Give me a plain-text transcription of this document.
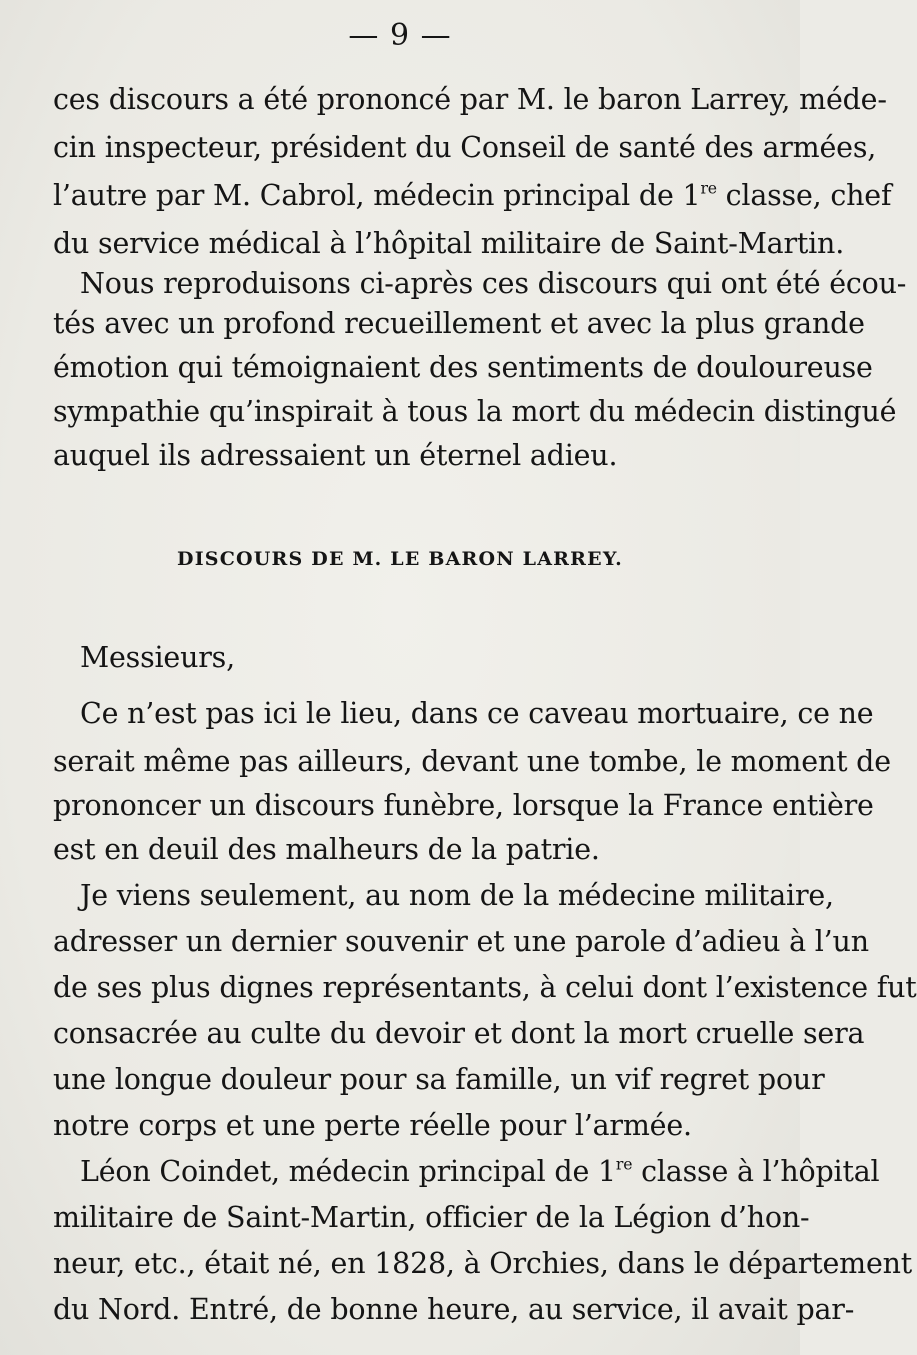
— 9 —
ces discours a été prononcé par M. le baron Larrey, méde-
cin inspecteur, président du Conseil de santé des armées,
l’autre par M. Cabrol, médecin principal de 1re classe, chef
du service médical à l’hôpital militaire de Saint-Martin.
Nous reproduisons ci-après ces discours qui ont été écou-
tés avec un profond recueillement et avec la plus grande
émotion qui témoignaient des sentiments de douloureuse
sympathie qu’inspirait à tous la mort du médecin distingué
auquel ils adressaient un éternel adieu.
DISCOURS DE M. LE BARON LARREY.
Messieurs,
Ce n’est pas ici le lieu, dans ce caveau mortuaire, ce ne
serait même pas ailleurs, devant une tombe, le moment de
prononcer un discours funèbre, lorsque la France entière
est en deuil des malheurs de la patrie.
Je viens seulement, au nom de la médecine militaire,
adresser un dernier souvenir et une parole d’adieu à l’un
de ses plus dignes représentants, à celui dont l’existence fut
consacrée au culte du devoir et dont la mort cruelle sera
une longue douleur pour sa famille, un vif regret pour
notre corps et une perte réelle pour l’armée.
Léon Coindet, médecin principal de 1re classe à l’hôpital
militaire de Saint-Martin, officier de la Légion d’hon-
neur, etc., était né, en 1828, à Orchies, dans le département
du Nord. Entré, de bonne heure, au service, il avait par-
